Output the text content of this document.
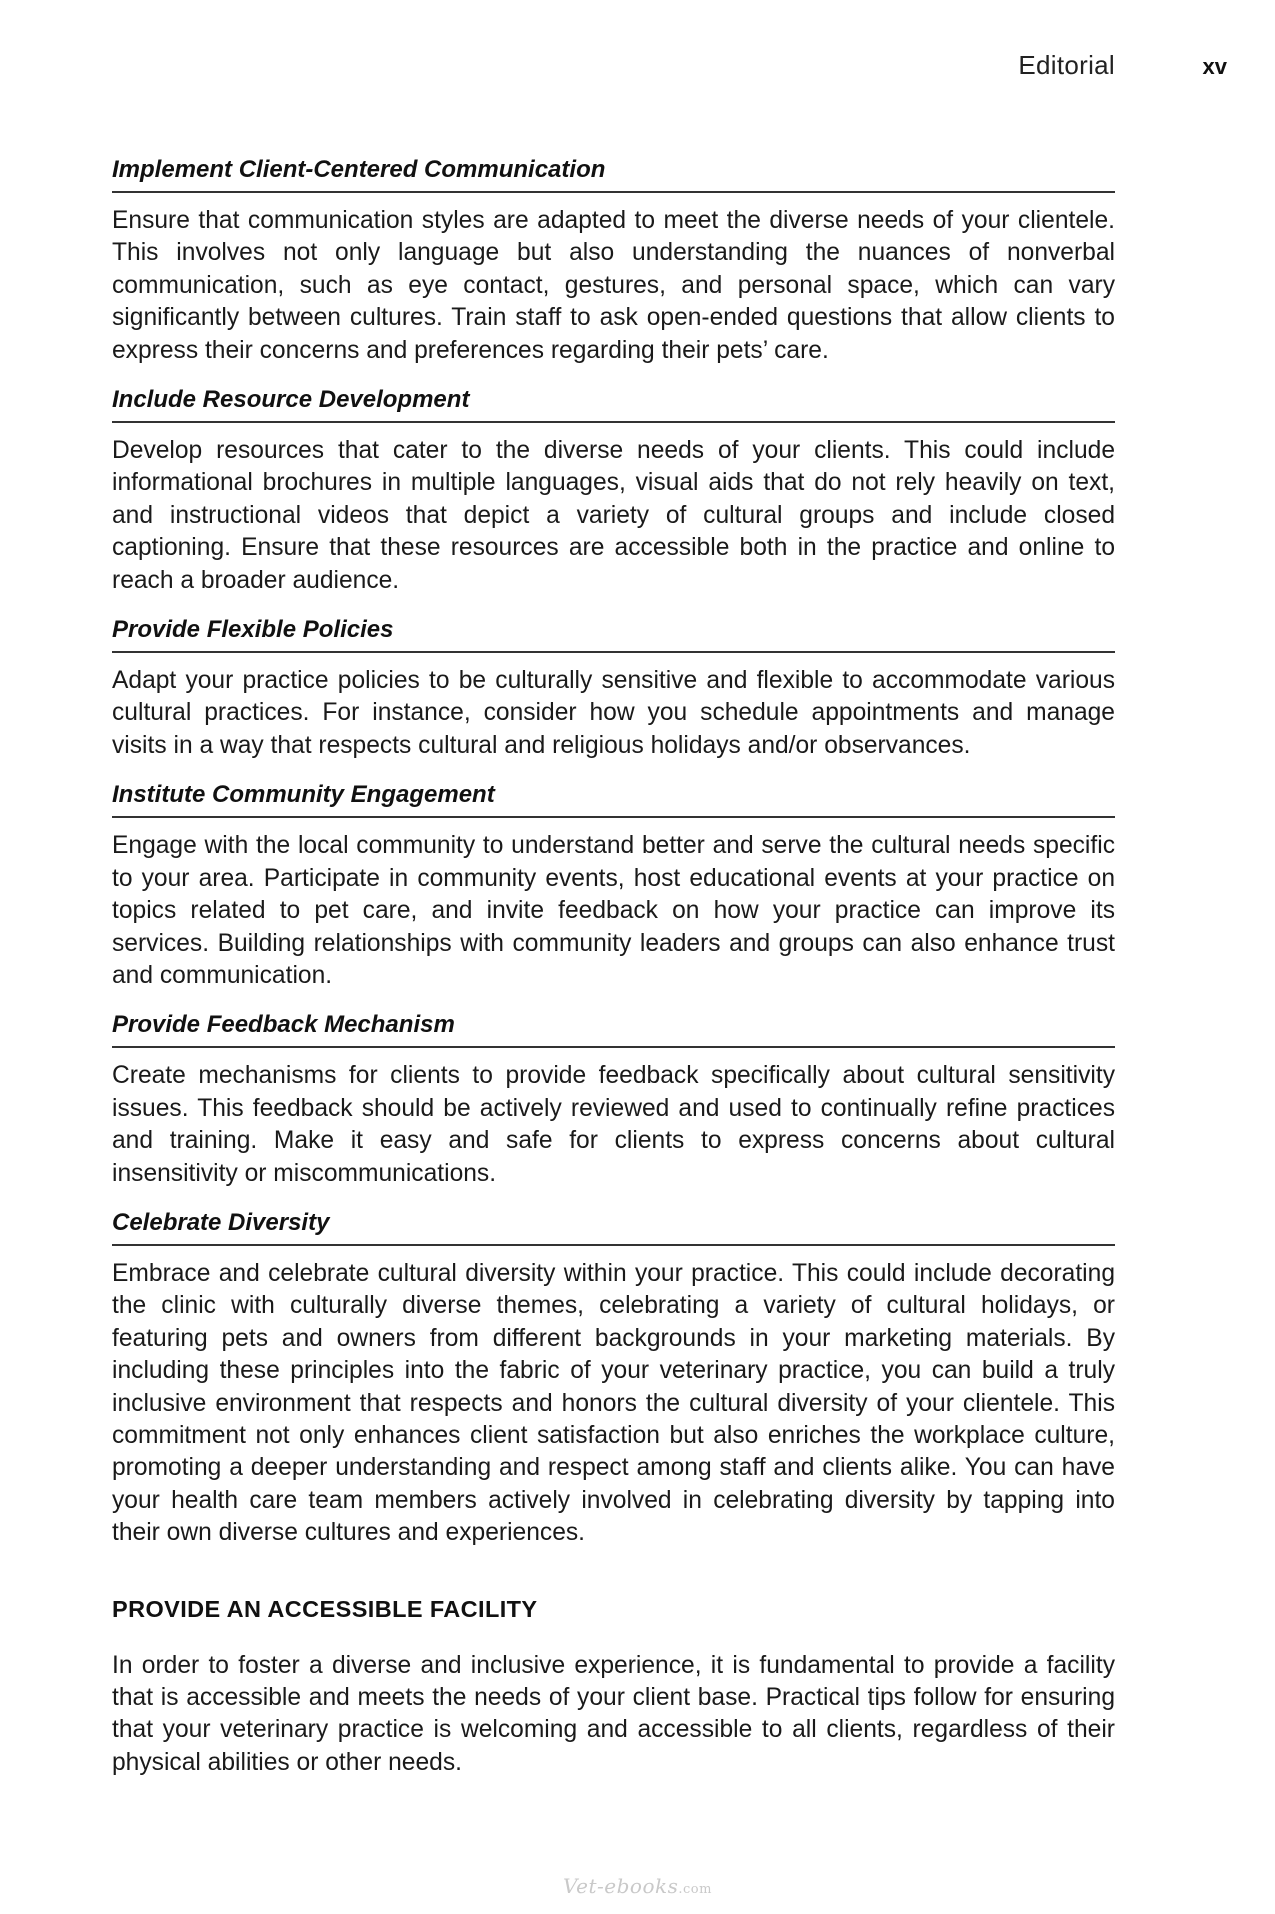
Editorial	xv
Implement Client-Centered Communication

Ensure that communication styles are adapted to meet the diverse needs of your clientele. This involves not only language but also understanding the nuances of nonverbal communication, such as eye contact, gestures, and personal space, which can vary significantly between cultures. Train staff to ask open-ended questions that allow clients to express their concerns and preferences regarding their pets’ care.

Include Resource Development

Develop resources that cater to the diverse needs of your clients. This could include informational brochures in multiple languages, visual aids that do not rely heavily on text, and instructional videos that depict a variety of cultural groups and include closed captioning. Ensure that these resources are accessible both in the practice and online to reach a broader audience.

Provide Flexible Policies

Adapt your practice policies to be culturally sensitive and flexible to accommodate various cultural practices. For instance, consider how you schedule appointments and manage visits in a way that respects cultural and religious holidays and/or observances.

Institute Community Engagement

Engage with the local community to understand better and serve the cultural needs specific to your area. Participate in community events, host educational events at your practice on topics related to pet care, and invite feedback on how your practice can improve its services. Building relationships with community leaders and groups can also enhance trust and communication.

Provide Feedback Mechanism

Create mechanisms for clients to provide feedback specifically about cultural sensitivity issues. This feedback should be actively reviewed and used to continually refine practices and training. Make it easy and safe for clients to express concerns about cultural insensitivity or miscommunications.

Celebrate Diversity

Embrace and celebrate cultural diversity within your practice. This could include decorating the clinic with culturally diverse themes, celebrating a variety of cultural holidays, or featuring pets and owners from different backgrounds in your marketing materials. By including these principles into the fabric of your veterinary practice, you can build a truly inclusive environment that respects and honors the cultural diversity of your clientele. This commitment not only enhances client satisfaction but also enriches the workplace culture, promoting a deeper understanding and respect among staff and clients alike. You can have your health care team members actively involved in celebrating diversity by tapping into their own diverse cultures and experiences.

PROVIDE AN ACCESSIBLE FACILITY

In order to foster a diverse and inclusive experience, it is fundamental to provide a facility that is accessible and meets the needs of your client base. Practical tips follow for ensuring that your veterinary practice is welcoming and accessible to all clients, regardless of their physical abilities or other needs.

Vet-ebooks.com
